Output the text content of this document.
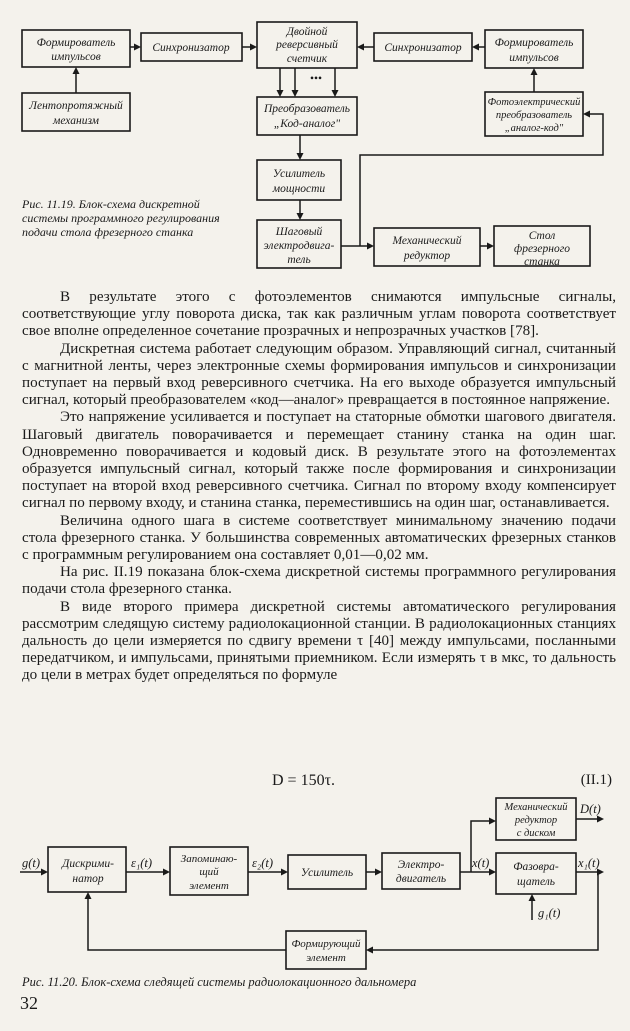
Формирователь
импульсов
Синхронизатор
Двойной
реверсивный
счетчик
•••
Синхронизатор	Формирователь
импульсов
Лентопротяжный
механизм
Преобразователь
„Код-аналог"
Фотоэлектрический
преобразователь
„аналог-код"
Усилитель
мощности
Шаговый
электродвига-
тель
Механический
редуктор
Стол
фрезерного
станка
Рис. 11.19. Блок-схема дискретной системы программного регулирования подачи стола фрезерного станка

В результате этого с фотоэлементов снимаются импульсные сигналы, соответствующие углу поворота диска, так как различным углам поворота соответствует свое вполне определенное сочетание прозрачных и непрозрачных участков [78].

Дискретная система работает следующим образом. Управляющий сигнал, считанный с магнитной ленты, через электронные схемы формирования импульсов и синхронизации поступает на первый вход реверсивного счетчика. На его выходе образуется импульсный сигнал, который преобразователем «код—аналог» превращается в постоянное напряжение.

Это напряжение усиливается и поступает на статорные обмотки шагового двигателя. Шаговый двигатель поворачивается и перемещает станину станка на один шаг. Одновременно поворачивается и кодовый диск. В результате этого на фотоэлементах образуется импульсный сигнал, который также после формирования и синхронизации поступает на второй вход реверсивного счетчика. Сигнал по второму входу компенсирует сигнал по первому входу, и станина станка, переместившись на один шаг, останавливается.

Величина одного шага в системе соответствует минимальному значению подачи стола фрезерного станка. У большинства современных автоматических фрезерных станков с программным регулированием она составляет 0,01—0,02 мм.

На рис. II.19 показана блок-схема дискретной системы программного регулирования подачи стола фрезерного станка.

В виде второго примера дискретной системы автоматического регулирования рассмотрим следящую систему радиолокационной станции. В радиолокационных станциях дальность до цели измеряется по сдвигу времени τ [40] между импульсами, посланными передатчиком, и импульсами, принятыми приемником. Если измерять τ в мкс, то дальность до цели в метрах будет определяться по формуле

D = 150τ.	(II.1)
Дискрими-
натор
Запоминаю-
щий
элемент
Усилитель
Электро-
двигатель
Механический
редуктор
с диском
Фазовра-
щатель
Формирующий
элемент
g(t)	ε₁(t)	ε₂(t)	x(t)
D(t)
x₁(t)
g₁(t)
Рис. 11.20. Блок-схема следящей системы радиолокационного дальномера
32
